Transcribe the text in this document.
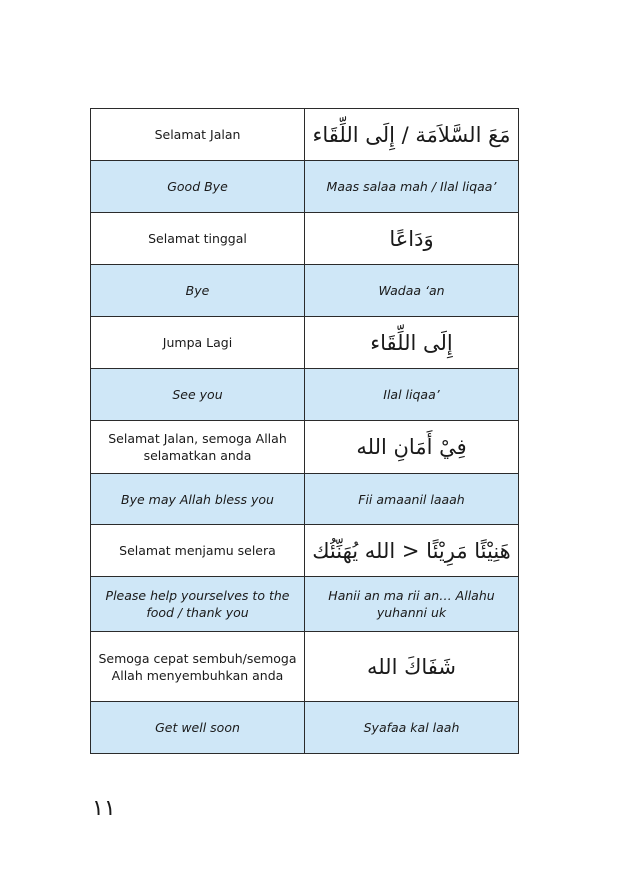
Selamat Jalan	مَعَ السَّلاَمَة / إِلَى اللِّقَاء
Good Bye	Maas salaa mah / Ilal liqaa’
Selamat tinggal	وَدَاعًا
Bye	Wadaa ‘an
Jumpa Lagi	إِلَى اللِّقَاء
See you	Ilal liqaa’
Selamat Jalan, semoga Allah selamatkan anda	فِيْ أَمَانِ الله
Bye may Allah bless you	Fii amaanil laaah
Selamat menjamu selera	هَنِيْئًا مَرِيْئًا < الله يُهَنِّئُك
Please help yourselves to the food / thank you	Hanii an ma rii an… Allahu yuhanni uk
Semoga cepat sembuh/semoga Allah menyembuhkan anda	شَفَاكَ الله
Get well soon	Syafaa kal laah
١١
